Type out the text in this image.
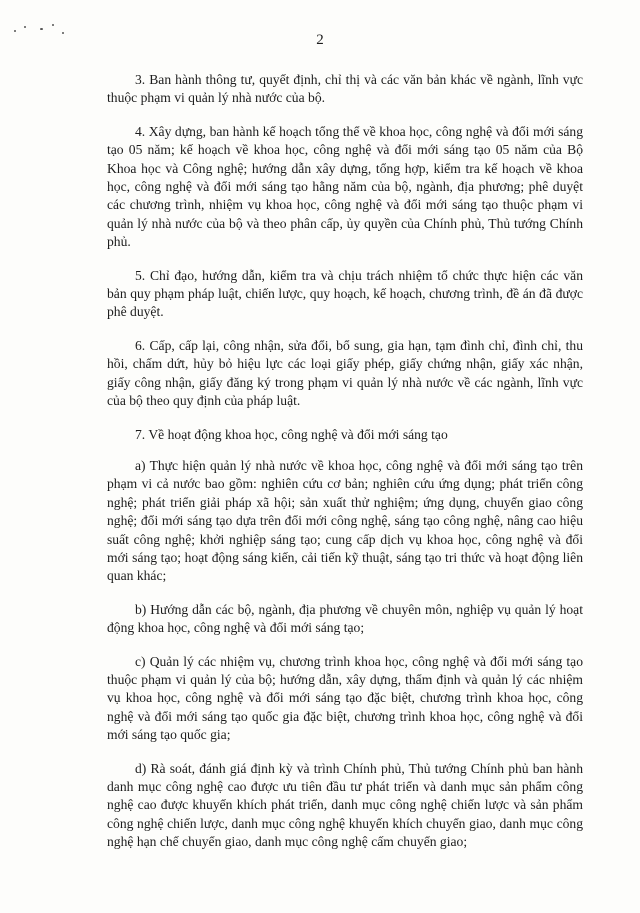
2

3. Ban hành thông tư, quyết định, chỉ thị và các văn bản khác về ngành, lĩnh vực thuộc phạm vi quản lý nhà nước của bộ.

4. Xây dựng, ban hành kế hoạch tổng thể về khoa học, công nghệ và đổi mới sáng tạo 05 năm; kế hoạch về khoa học, công nghệ và đổi mới sáng tạo 05 năm của Bộ Khoa học và Công nghệ; hướng dẫn xây dựng, tổng hợp, kiểm tra kế hoạch về khoa học, công nghệ và đổi mới sáng tạo hằng năm của bộ, ngành, địa phương; phê duyệt các chương trình, nhiệm vụ khoa học, công nghệ và đổi mới sáng tạo thuộc phạm vi quản lý nhà nước của bộ và theo phân cấp, ủy quyền của Chính phủ, Thủ tướng Chính phủ.

5. Chỉ đạo, hướng dẫn, kiểm tra và chịu trách nhiệm tổ chức thực hiện các văn bản quy phạm pháp luật, chiến lược, quy hoạch, kế hoạch, chương trình, đề án đã được phê duyệt.

6. Cấp, cấp lại, công nhận, sửa đổi, bổ sung, gia hạn, tạm đình chỉ, đình chỉ, thu hồi, chấm dứt, hủy bỏ hiệu lực các loại giấy phép, giấy chứng nhận, giấy xác nhận, giấy công nhận, giấy đăng ký trong phạm vi quản lý nhà nước về các ngành, lĩnh vực của bộ theo quy định của pháp luật.

7. Về hoạt động khoa học, công nghệ và đổi mới sáng tạo

a) Thực hiện quản lý nhà nước về khoa học, công nghệ và đổi mới sáng tạo trên phạm vi cả nước bao gồm: nghiên cứu cơ bản; nghiên cứu ứng dụng; phát triển công nghệ; phát triển giải pháp xã hội; sản xuất thử nghiệm; ứng dụng, chuyển giao công nghệ; đổi mới sáng tạo dựa trên đổi mới công nghệ, sáng tạo công nghệ, nâng cao hiệu suất công nghệ; khởi nghiệp sáng tạo; cung cấp dịch vụ khoa học, công nghệ và đổi mới sáng tạo; hoạt động sáng kiến, cải tiến kỹ thuật, sáng tạo tri thức và hoạt động liên quan khác;

b) Hướng dẫn các bộ, ngành, địa phương về chuyên môn, nghiệp vụ quản lý hoạt động khoa học, công nghệ và đổi mới sáng tạo;

c) Quản lý các nhiệm vụ, chương trình khoa học, công nghệ và đổi mới sáng tạo thuộc phạm vi quản lý của bộ; hướng dẫn, xây dựng, thẩm định và quản lý các nhiệm vụ khoa học, công nghệ và đổi mới sáng tạo đặc biệt, chương trình khoa học, công nghệ và đổi mới sáng tạo quốc gia đặc biệt, chương trình khoa học, công nghệ và đổi mới sáng tạo quốc gia;

d) Rà soát, đánh giá định kỳ và trình Chính phủ, Thủ tướng Chính phủ ban hành danh mục công nghệ cao được ưu tiên đầu tư phát triển và danh mục sản phẩm công nghệ cao được khuyến khích phát triển, danh mục công nghệ chiến lược và sản phẩm công nghệ chiến lược, danh mục công nghệ khuyến khích chuyển giao, danh mục công nghệ hạn chế chuyển giao, danh mục công nghệ cấm chuyển giao;
